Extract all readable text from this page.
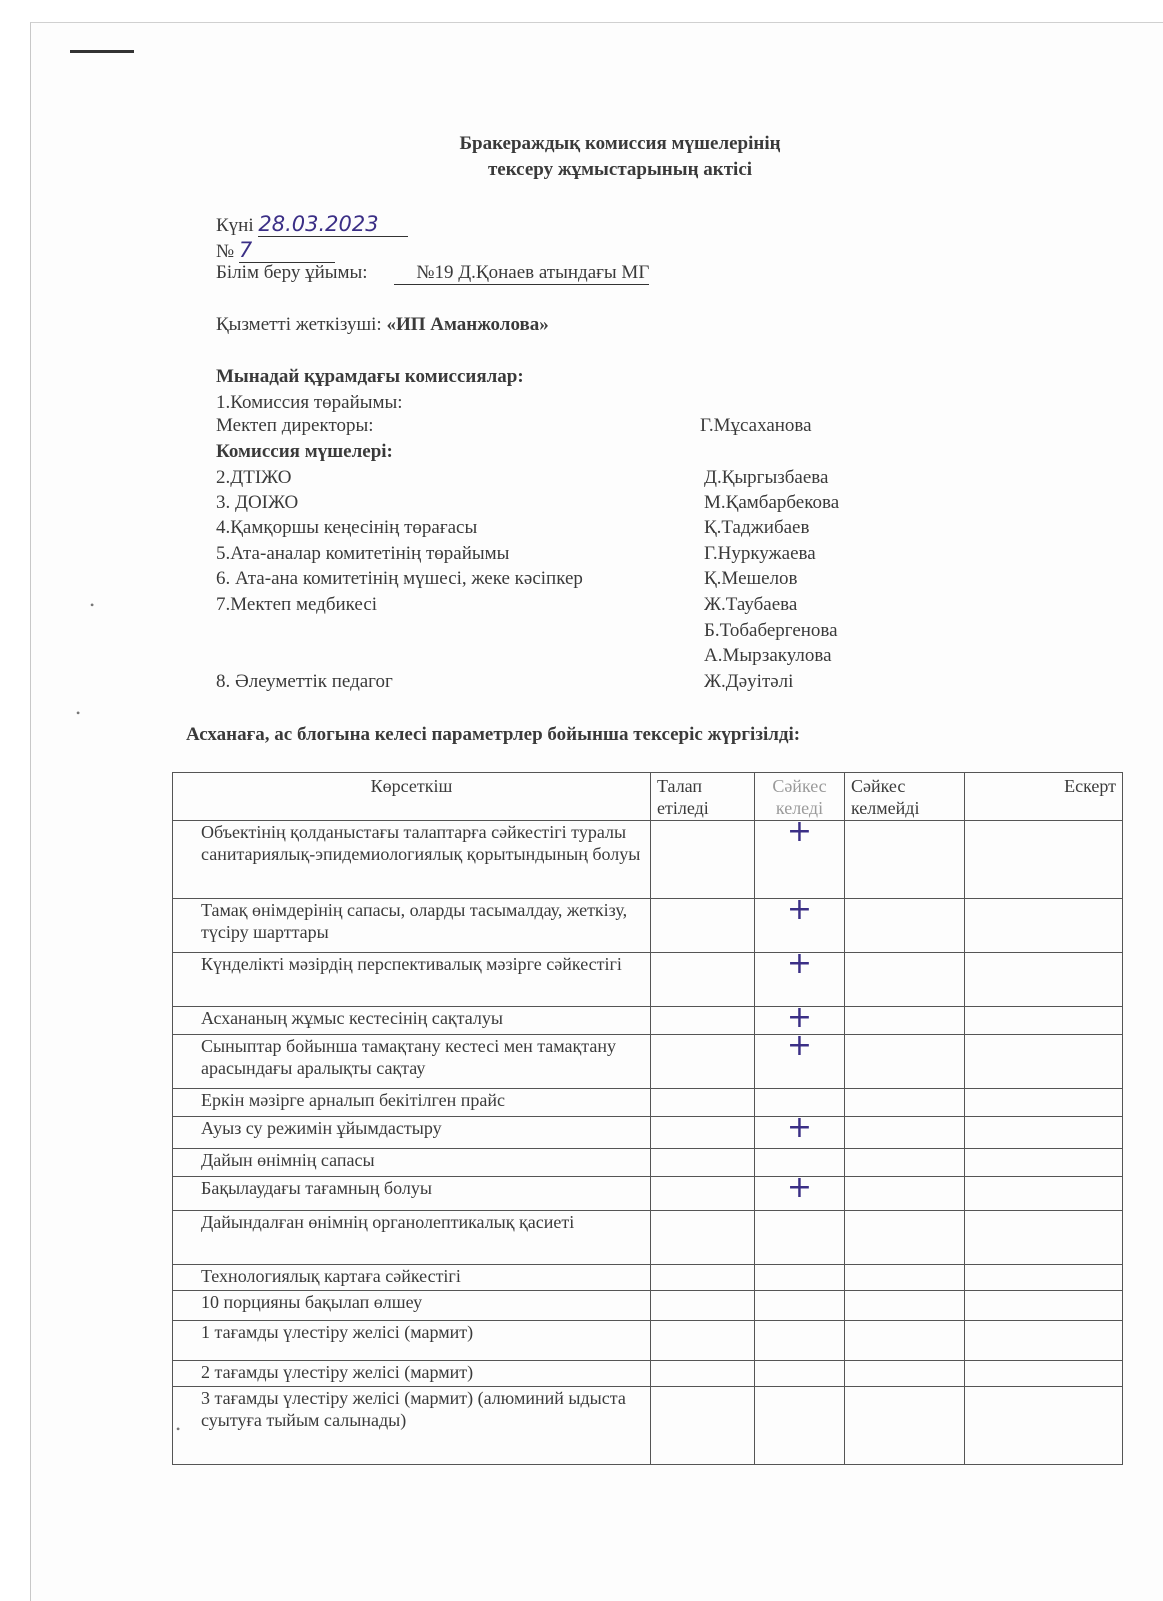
Бракераждық комиссия мүшелерінің
тексеру жұмыстарының актісі
Күні 28.03.2023
№ 7
Білім беру ұйымы:	№19 Д.Қонаев атындағы МГ
Қызметті жеткізуші: «ИП Аманжолова»
Мынадай құрамдағы комиссиялар:
1.Комиссия төрайымы:
Мектеп директоры:	Г.Мұсаханова
Комиссия мүшелері:
2.ДТІЖО	Д.Қыргызбаева
3. ДОІЖО	М.Қамбарбекова
4.Қамқоршы кеңесінің төрағасы	Қ.Таджибаев
5.Ата-аналар комитетінің төрайымы	Г.Нуркужаева
6. Ата-ана комитетінің мүшесі, жеке кәсіпкер	Қ.Мешелов
7.Мектеп медбикесі	Ж.Таубаева
Б.Тобабергенова
А.Мырзакулова
8. Әлеуметтік педагог	Ж.Дәуітәлі
Асханаға, ас блогына келесі параметрлер бойынша тексеріс жүргізілді:
Көрсеткіш	Талап етіледі	Сәйкес келеді	Сәйкес келмейді	Ескерт
Объектінің қолданыстағы талаптарға сәйкестігі туралы санитариялық-эпидемиологиялық қорытындының болуы		+		
Тамақ өнімдерінің сапасы, оларды тасымалдау, жеткізу, түсіру шарттары		+		
Күнделікті мәзірдің перспективалық мәзірге сәйкестігі		+		
Асхананың жұмыс кестесінің сақталуы		+		
Сыныптар бойынша тамақтану кестесі мен тамақтану арасындағы аралықты сақтау		+		
Еркін мәзірге арналып бекітілген прайс				
Ауыз су режимін ұйымдастыру		+		
Дайын өнімнің сапасы				
Бақылаудағы тағамның болуы		+		
Дайындалған өнімнің органолептикалық қасиеті				
Технологиялық картаға сәйкестігі				
10 порцияны бақылап өлшеу				
1 тағамды үлестіру желісі (мармит)				
2 тағамды үлестіру желісі (мармит)				
3 тағамды үлестіру желісі (мармит) (алюминий ыдыста суытуға тыйым салынады)				
•
•
•
